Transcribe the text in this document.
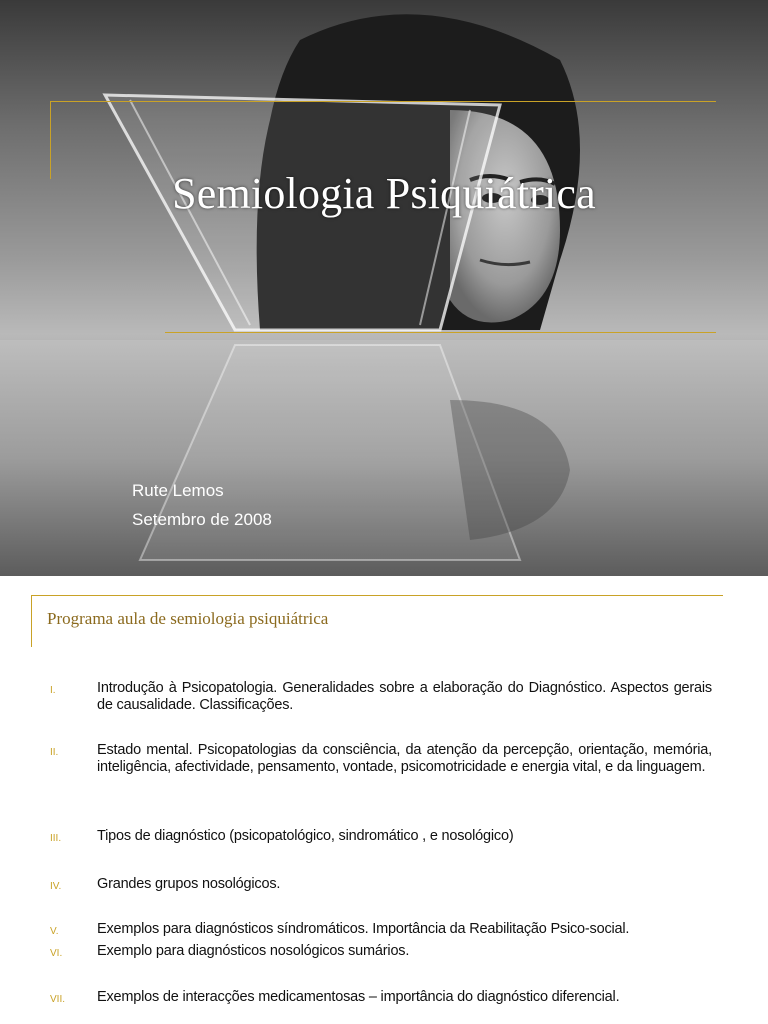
Semiologia Psiquiátrica
Rute Lemos
Setembro de 2008
Programa aula de semiologia psiquiátrica
I.	Introdução à Psicopatologia. Generalidades sobre a elaboração do Diagnóstico. Aspectos gerais de causalidade. Classificações.
II.	Estado mental. Psicopatologias da consciência, da atenção da percepção, orientação, memória, inteligência, afectividade, pensamento, vontade, psicomotricidade e energia vital, e da linguagem.
III.	Tipos de diagnóstico (psicopatológico, sindromático , e nosológico)
IV.	Grandes grupos nosológicos.
V.	Exemplos para diagnósticos síndromáticos. Importância da Reabilitação Psico-social.
VI.	Exemplo para diagnósticos nosológicos sumários.
VII.	Exemplos de interacções medicamentosas – importância do diagnóstico diferencial.
